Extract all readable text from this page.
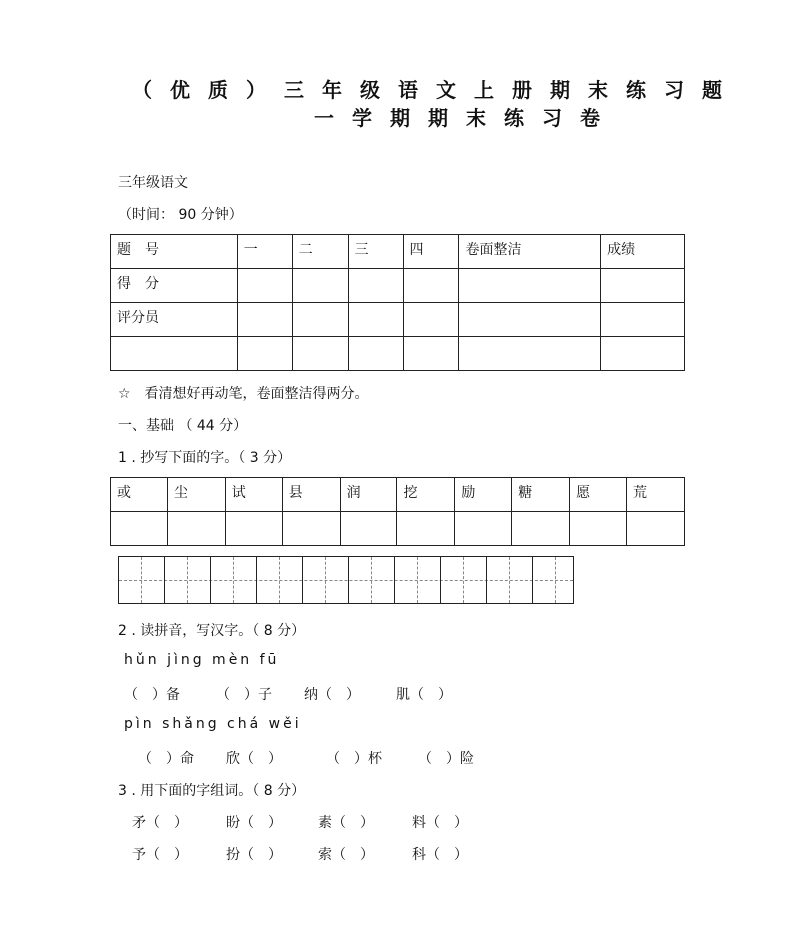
（优质）三年级语文上册期末练习题
一学期期末练习卷
三年级语文
（时间： 90 分钟）
题　号	一	二	三	四	卷面整洁	成绩
得　分						
评分员						

☆　看清想好再动笔，卷面整洁得两分。
一、基础 （ 44 分）
1 . 抄写下面的字。（ 3 分）
或	尘	试	县	润	挖	励	糖	愿	荒

2 . 读拼音，写汉字。（ 8 分）
hǔn jìng mèn fū
（　）备	（　）子 纳（　）	肌（　）
pìn shǎng chá wěi
（　）命 欣（　）	（　）杯	（　）险
3 . 用下面的字组词。（ 8 分）
矛（　）	盼（　）	素（　）	料（　）
予（　）	扮（　）	索（　）	科（　）
